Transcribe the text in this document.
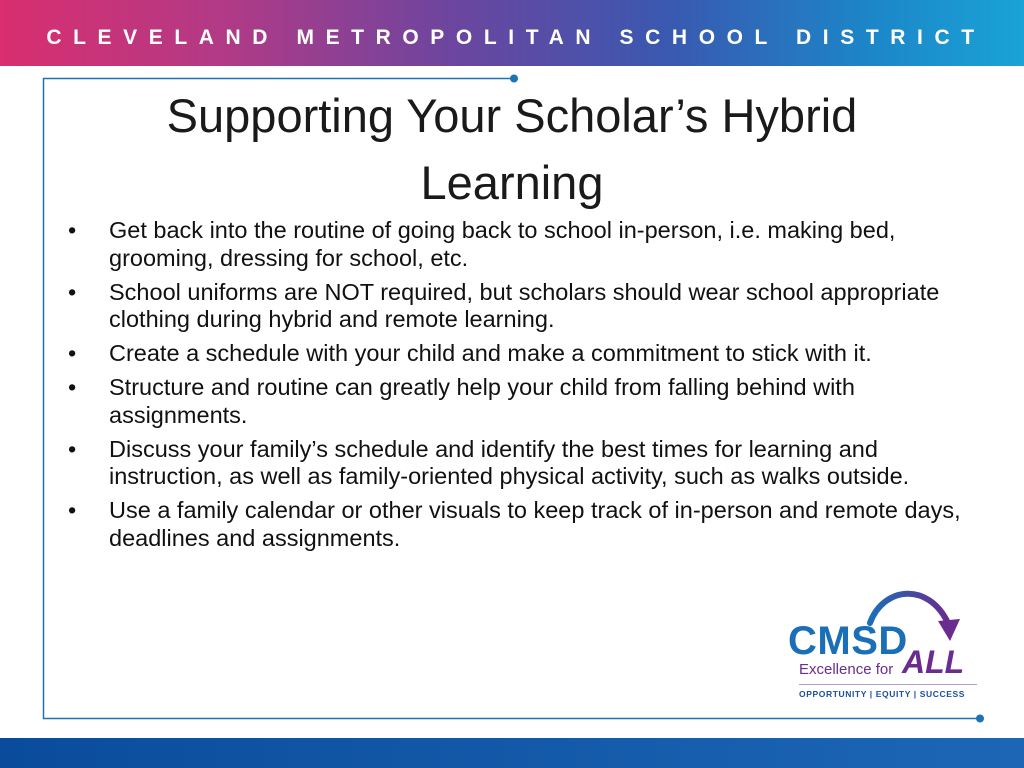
CLEVELAND METROPOLITAN SCHOOL DISTRICT
Supporting Your Scholar’s Hybrid
Learning
• Get back into the routine of going back to school in-person, i.e. making bed, grooming, dressing for school, etc.
• School uniforms are NOT required, but scholars should wear school appropriate clothing during hybrid and remote learning.
• Create a schedule with your child and make a commitment to stick with it.
• Structure and routine can greatly help your child from falling behind with assignments.
• Discuss your family’s schedule and identify the best times for learning and instruction, as well as family-oriented physical activity, such as walks outside.
• Use a family calendar or other visuals to keep track of in-person and remote days, deadlines and assignments.
CMSD
Excellence for ALL
OPPORTUNITY | EQUITY | SUCCESS
